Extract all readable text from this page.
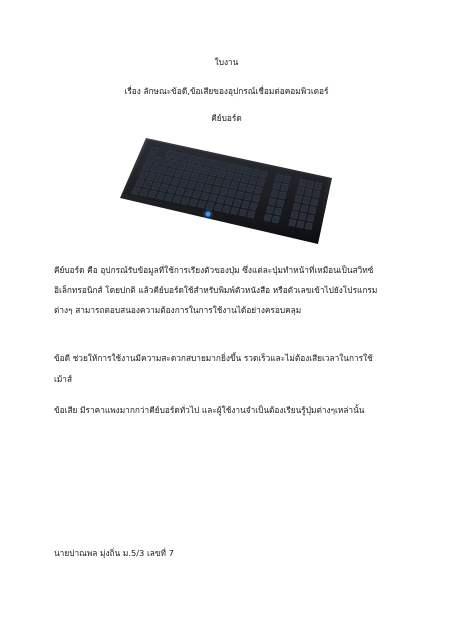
ใบงาน
เรื่อง ลักษณะข้อดี,ข้อเสียของอุปกรณ์เชื่อมต่อคอมพิวเตอร์
คีย์บอร์ด
คีย์บอร์ด คือ อุปกรณ์รับข้อมูลที่ใช้การเรียงตัวของปุ่ม ซึ่งแต่ละปุ่มทำหน้าที่เหมือนเป็นสวิทซ์
อิเล็กทรอนิกส์ โดยปกติ แล้วคีย์บอร์ดใช้สำหรับพิมพ์ตัวหนังสือ หรือตัวเลขเข้าไปยังโปรแกรม
ต่างๆ สามารถตอบสนองความต้องการในการใช้งานได้อย่างครอบคลุม
ข้อดี ช่วยให้การใช้งานมีความสะดวกสบายมากยิ่งขึ้น รวดเร็วและไม่ต้องเสียเวลาในการใช้
เม้าส์
ข้อเสีย มีราคาแพงมากกว่าคีย์บอร์ดทั่วไป และผู้ใช้งานจำเป็นต้องเรียนรู้ปุ่มต่างๆเหล่านั้น
นายปาณพล มุ่งถิ่น ม.5/3 เลขที่ 7
